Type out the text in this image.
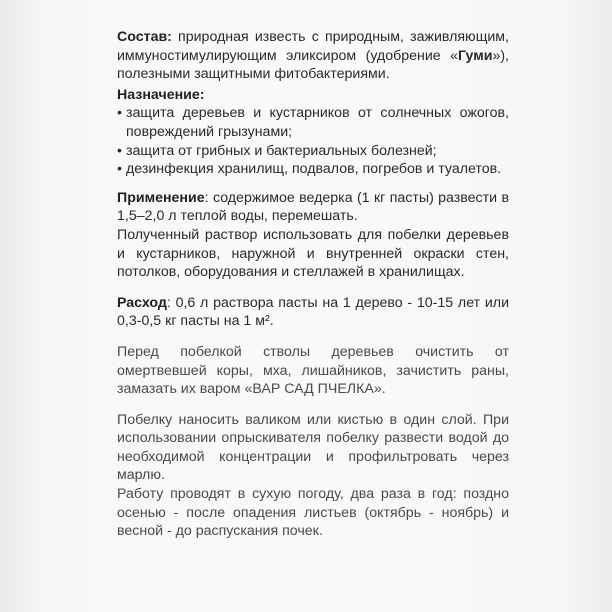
Состав: природная известь с природным, заживляющим, иммуностимулирующим эликсиром (удобрение «Гуми»), полезными защитными фитобактериями.
Назначение:
• защита деревьев и кустарников от солнечных ожогов, повреждений грызунами;
• защита от грибных и бактериальных болезней;
• дезинфекция хранилищ, подвалов, погребов и туалетов.
Применение: содержимое ведерка (1 кг пасты) развести в 1,5–2,0 л теплой воды, перемешать.
Полученный раствор использовать для побелки деревьев и кустарников, наружной и внутренней окраски стен, потолков, оборудования и стеллажей в хранилищах.
Расход: 0,6 л раствора пасты на 1 дерево - 10-15 лет или 0,3-0,5 кг пасты на 1 м².
Перед побелкой стволы деревьев очистить от омертвевшей коры, мха, лишайников, зачистить раны, замазать их варом «ВАР САД ПЧЕЛКА».
Побелку наносить валиком или кистью в один слой. При использовании опрыскивателя побелку развести водой до необходимой концентрации и профильтровать через марлю.
Работу проводят в сухую погоду, два раза в год: поздно осенью - после опадения листьев (октябрь - ноябрь) и весной - до распускания почек.
